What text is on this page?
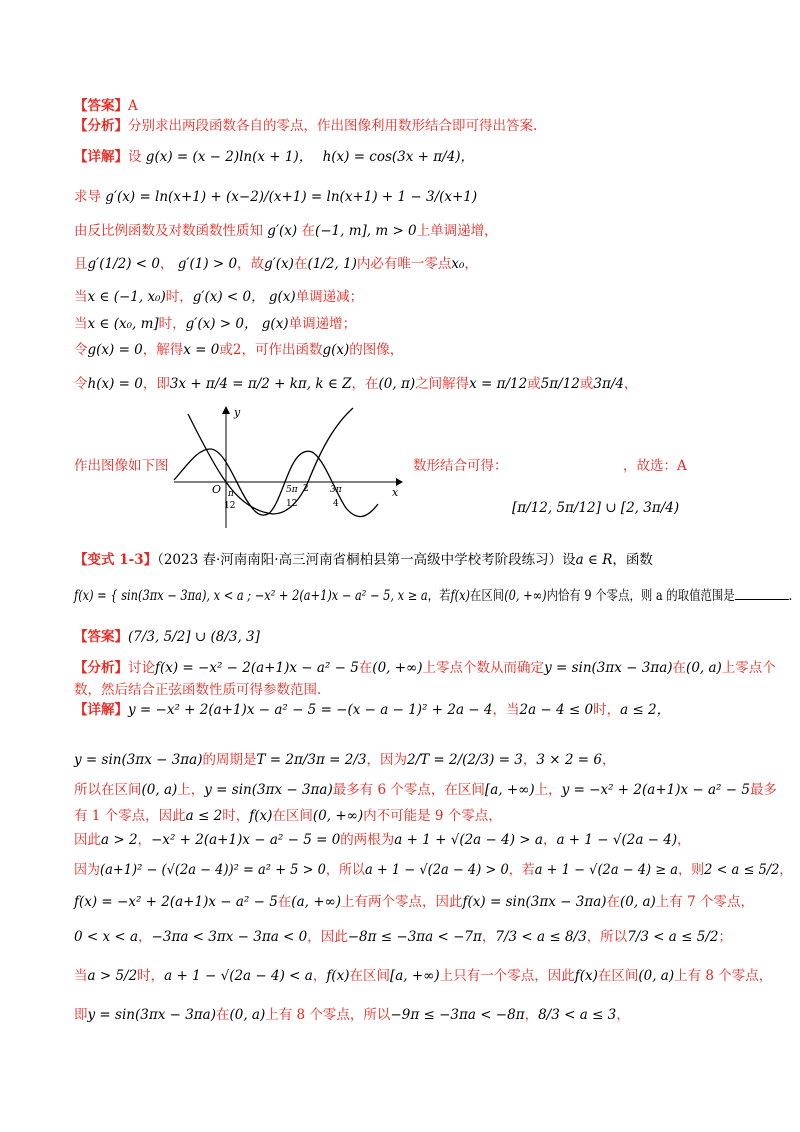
【答案】A
【分析】分别求出两段函数各自的零点，作出图像利用数形结合即可得出答案.
【详解】设 g(x) = (x − 2)ln(x + 1)， h(x) = cos(3x + π/4)，
求导 g′(x) = ln(x+1) + (x−2)/(x+1) = ln(x+1) + 1 − 3/(x+1)
由反比例函数及对数函数性质知 g′(x) 在(−1, m], m > 0上单调递增，
且g′(1/2) < 0， g′(1) > 0，故g′(x)在(1/2, 1)内必有唯一零点x₀，
当x ∈ (−1, x₀)时，g′(x) < 0， g(x)单调递减；
当x ∈ (x₀, m]时，g′(x) > 0， g(x)单调递增；
令g(x) = 0，解得x = 0或2，可作出函数g(x)的图像，
令h(x) = 0，即3x + π/4 = π/2 + kπ, k ∈ Z，在(0, π)之间解得x = π/12或5π/12或3π/4，
作出图像如下图	数形结合可得：	，故选：A
[π/12, 5π/12] ∪ [2, 3π/4)
y
x
O π
12
5π
12
2 3π
4
【变式 1-3】（2023 春·河南南阳·高三河南省桐柏县第一高级中学校考阶段练习）设a ∈ R，函数
f(x) = { sin(3πx − 3πa), x < a ; −x² + 2(a+1)x − a² − 5, x ≥ a，若f(x)在区间(0, +∞)内恰有 9 个零点，则 a 的取值范围是	.
【答案】(7/3, 5/2] ∪ (8/3, 3]
【分析】讨论f(x) = −x² − 2(a+1)x − a² − 5在(0, +∞)上零点个数从而确定y = sin(3πx − 3πa)在(0, a)上零点个
数，然后结合正弦函数性质可得参数范围.
【详解】y = −x² + 2(a+1)x − a² − 5 = −(x − a − 1)² + 2a − 4，当2a − 4 ≤ 0时，a ≤ 2，
y = sin(3πx − 3πa)的周期是T = 2π/3π = 2/3，因为2/T = 2/(2/3) = 3，3 × 2 = 6，
所以在区间(0, a)上，y = sin(3πx − 3πa)最多有 6 个零点，在区间[a, +∞)上，y = −x² + 2(a+1)x − a² − 5最多
有 1 个零点，因此a ≤ 2时，f(x)在区间(0, +∞)内不可能是 9 个零点，
因此a > 2，−x² + 2(a+1)x − a² − 5 = 0的两根为a + 1 + √(2a − 4) > a，a + 1 − √(2a − 4)，
因为(a+1)² − (√(2a − 4))² = a² + 5 > 0，所以a + 1 − √(2a − 4) > 0，若a + 1 − √(2a − 4) ≥ a，则2 < a ≤ 5/2，
f(x) = −x² + 2(a+1)x − a² − 5在(a, +∞)上有两个零点，因此f(x) = sin(3πx − 3πa)在(0, a)上有 7 个零点，
0 < x < a，−3πa < 3πx − 3πa < 0，因此−8π ≤ −3πa < −7π，7/3 < a ≤ 8/3，所以7/3 < a ≤ 5/2；
当a > 5/2时，a + 1 − √(2a − 4) < a，f(x)在区间[a, +∞)上只有一个零点，因此f(x)在区间(0, a)上有 8 个零点，
即y = sin(3πx − 3πa)在(0, a)上有 8 个零点，所以−9π ≤ −3πa < −8π，8/3 < a ≤ 3，
